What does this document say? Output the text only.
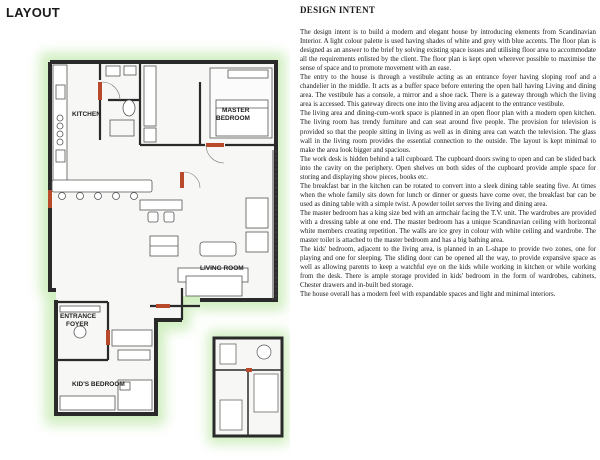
LAYOUT	DESIGN INTENT
KITCHEN
MASTER
BEDROOM
LIVING ROOM
ENTRANCE
FOYER
KID'S BEDROOM

The design intent is to build a modern and elegant house by introducing elements from Scandinavian Interior. A light colour palette is used having shades of white and grey with blue accents. The floor plan is designed as an answer to the brief by solving existing space issues and utilising floor area to accommodate all the requirements enlisted by the client. The floor plan is kept open wherever possible to maximise the sense of space and to promote movement with an ease.

The entry to the house is through a vestibule acting as an entrance foyer having sloping roof and a chandelier in the middle. It acts as a buffer space before entering the open hall having Living and dining area. The vestibule has a console, a mirror and a shoe rack. There is a gateway through which the living area is accessed. This gateway directs one into the living area adjacent to the entrance vestibule.

The living area and dining-cum-work space is planned in an open floor plan with a modern open kitchen. The living room has trendy furniture and can seat around five people. The provision for television is provided so that the people sitting in living as well as in dining area can watch the television. The glass wall in the living room provides the essential connection to the outside. The layout is kept minimal to make the area look bigger and spacious.

The work desk is hidden behind a tall cupboard. The cupboard doors swing to open and can be slided back into the cavity on the periphery. Open shelves on both sides of the cupboard provide ample space for storing and displaying show pieces, books etc.

The breakfast bar in the kitchen can be rotated to convert into a sleek dining table seating five. At times when the whole family sits down for lunch or dinner or guests have come over, the breakfast bar can be used as dining table with a simple twist. A powder toilet serves the living and dining area.

The master bedroom has a king size bed with an armchair facing the T.V. unit. The wardrobes are provided with a dressing table at one end. The master bedroom has a unique Scandinavian ceiling with horizontal white members creating repetition. The walls are ice grey in colour with white ceiling and wardrobe. The master toilet is attached to the master bedroom and has a big bathing area.

The kids' bedroom, adjacent to the living area, is planned in an L-shape to provide two zones, one for playing and one for sleeping. The sliding door can be opened all the way, to provide expansive space as well as allowing parents to keep a watchful eye on the kids while working in kitchen or while working from the desk. There is ample storage provided in kids' bedroom in the form of wardrobes, cabinets, Chester drawers and in-built bed storage.

The house overall has a modern feel with expandable spaces and light and minimal interiors.
